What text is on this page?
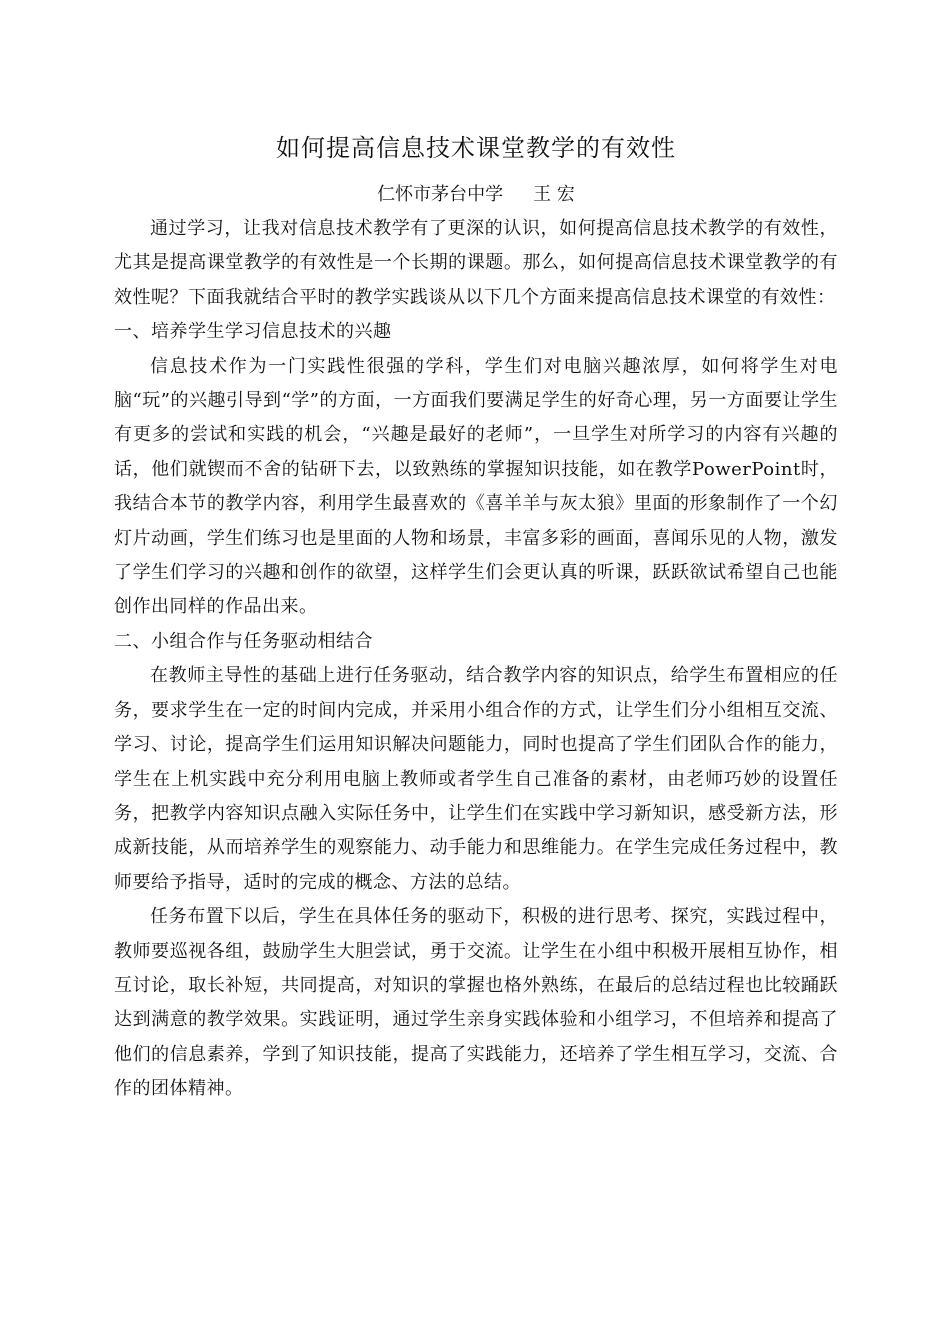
如何提高信息技术课堂教学的有效性

仁怀市茅台中学 王 宏

通过学习，让我对信息技术教学有了更深的认识，如何提高信息技术教学的有效性，尤其是提高课堂教学的有效性是一个长期的课题。那么，如何提高信息技术课堂教学的有效性呢？下面我就结合平时的教学实践谈从以下几个方面来提高信息技术课堂的有效性：

一、培养学生学习信息技术的兴趣

信息技术作为一门实践性很强的学科，学生们对电脑兴趣浓厚，如何将学生对电脑“玩”的兴趣引导到“学”的方面，一方面我们要满足学生的好奇心理，另一方面要让学生有更多的尝试和实践的机会，“兴趣是最好的老师”，一旦学生对所学习的内容有兴趣的话，他们就锲而不舍的钻研下去，以致熟练的掌握知识技能，如在教学PowerPoint时，我结合本节的教学内容，利用学生最喜欢的《喜羊羊与灰太狼》里面的形象制作了一个幻灯片动画，学生们练习也是里面的人物和场景，丰富多彩的画面，喜闻乐见的人物，激发了学生们学习的兴趣和创作的欲望，这样学生们会更认真的听课，跃跃欲试希望自己也能创作出同样的作品出来。

二、小组合作与任务驱动相结合

在教师主导性的基础上进行任务驱动，结合教学内容的知识点，给学生布置相应的任务，要求学生在一定的时间内完成，并采用小组合作的方式，让学生们分小组相互交流、学习、讨论，提高学生们运用知识解决问题能力，同时也提高了学生们团队合作的能力，学生在上机实践中充分利用电脑上教师或者学生自己准备的素材，由老师巧妙的设置任务，把教学内容知识点融入实际任务中，让学生们在实践中学习新知识，感受新方法，形成新技能，从而培养学生的观察能力、动手能力和思维能力。在学生完成任务过程中，教师要给予指导，适时的完成的概念、方法的总结。

任务布置下以后，学生在具体任务的驱动下，积极的进行思考、探究，实践过程中，教师要巡视各组，鼓励学生大胆尝试，勇于交流。让学生在小组中积极开展相互协作，相互讨论，取长补短，共同提高，对知识的掌握也格外熟练，在最后的总结过程也比较踊跃达到满意的教学效果。实践证明，通过学生亲身实践体验和小组学习，不但培养和提高了他们的信息素养，学到了知识技能，提高了实践能力，还培养了学生相互学习，交流、合作的团体精神。
